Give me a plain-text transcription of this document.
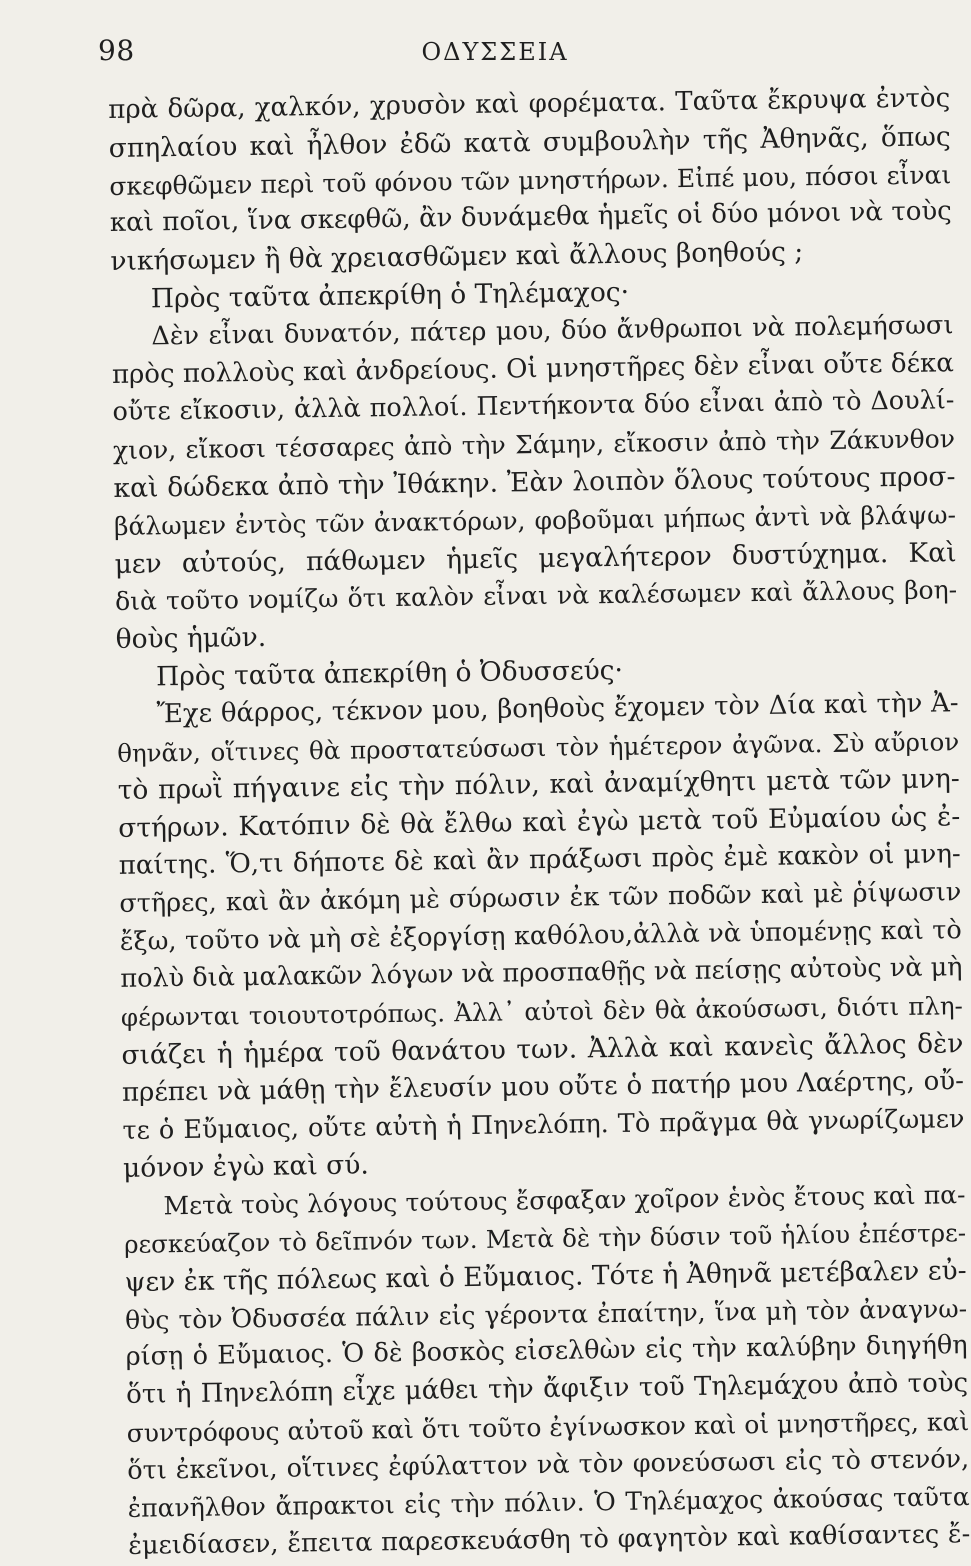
98	ΟΔΥΣΣΕΙΑ
πρὰ δῶρα, χαλκόν, χρυσὸν καὶ φορέματα. Ταῦτα ἔκρυψα ἐντὸς
σπηλαίου καὶ ἦλθον ἐδῶ κατὰ συμβουλὴν τῆς Ἀθηνᾶς, ὅπως
σκεφθῶμεν περὶ τοῦ φόνου τῶν μνηστήρων. Εἰπέ μου, πόσοι εἶναι
καὶ ποῖοι, ἵνα σκεφθῶ, ἂν δυνάμεθα ἡμεῖς οἱ δύο μόνοι νὰ τοὺς
νικήσωμεν ἢ θὰ χρειασθῶμεν καὶ ἄλλους βοηθούς ;
Πρὸς ταῦτα ἀπεκρίθη ὁ Τηλέμαχος·
Δὲν εἶναι δυνατόν, πάτερ μου, δύο ἄνθρωποι νὰ πολεμήσωσι
πρὸς πολλοὺς καὶ ἀνδρείους. Οἱ μνηστῆρες δὲν εἶναι οὔτε δέκα
οὔτε εἴκοσιν, ἀλλὰ πολλοί. Πεντήκοντα δύο εἶναι ἀπὸ τὸ Δουλί-
χιον, εἴκοσι τέσσαρες ἀπὸ τὴν Σάμην, εἴκοσιν ἀπὸ τὴν Ζάκυνθον
καὶ δώδεκα ἀπὸ τὴν Ἰθάκην. Ἐὰν λοιπὸν ὅλους τούτους προσ-
βάλωμεν ἐντὸς τῶν ἀνακτόρων, φοβοῦμαι μήπως ἀντὶ νὰ βλάψω-
μεν αὐτούς, πάθωμεν ἡμεῖς μεγαλήτερον δυστύχημα. Καὶ
διὰ τοῦτο νομίζω ὅτι καλὸν εἶναι νὰ καλέσωμεν καὶ ἄλλους βοη-
θοὺς ἡμῶν.
Πρὸς ταῦτα ἀπεκρίθη ὁ Ὀδυσσεύς·
Ἔχε θάρρος, τέκνον μου, βοηθοὺς ἔχομεν τὸν Δία καὶ τὴν Ἀ-
θηνᾶν, οἵτινες θὰ προστατεύσωσι τὸν ἡμέτερον ἀγῶνα. Σὺ αὔριον
τὸ πρωῒ πήγαινε εἰς τὴν πόλιν, καὶ ἀναμίχθητι μετὰ τῶν μνη-
στήρων. Κατόπιν δὲ θὰ ἔλθω καὶ ἐγὼ μετὰ τοῦ Εὐμαίου ὡς ἐ-
παίτης. Ὅ,τι δήποτε δὲ καὶ ἂν πράξωσι πρὸς ἐμὲ κακὸν οἱ μνη-
στῆρες, καὶ ἂν ἀκόμη μὲ σύρωσιν ἐκ τῶν ποδῶν καὶ μὲ ῥίψωσιν
ἔξω, τοῦτο νὰ μὴ σὲ ἐξοργίσῃ καθόλου,ἀλλὰ νὰ ὑπομένῃς καὶ τὸ
πολὺ διὰ μαλακῶν λόγων νὰ προσπαθῇς νὰ πείσῃς αὐτοὺς νὰ μὴ
φέρωνται τοιουτοτρόπως. Ἀλλ᾿ αὐτοὶ δὲν θὰ ἀκούσωσι, διότι πλη-
σιάζει ἡ ἡμέρα τοῦ θανάτου των. Ἀλλὰ καὶ κανεὶς ἄλλος δὲν
πρέπει νὰ μάθῃ τὴν ἔλευσίν μου οὔτε ὁ πατήρ μου Λαέρτης, οὔ-
τε ὁ Εὔμαιος, οὔτε αὐτὴ ἡ Πηνελόπη. Τὸ πρᾶγμα θὰ γνωρίζωμεν
μόνον ἐγὼ καὶ σύ.
Μετὰ τοὺς λόγους τούτους ἔσφαξαν χοῖρον ἑνὸς ἔτους καὶ πα-
ρεσκεύαζον τὸ δεῖπνόν των. Μετὰ δὲ τὴν δύσιν τοῦ ἡλίου ἐπέστρε-
ψεν ἐκ τῆς πόλεως καὶ ὁ Εὔμαιος. Τότε ἡ Ἀθηνᾶ μετέβαλεν εὐ-
θὺς τὸν Ὀδυσσέα πάλιν εἰς γέροντα ἐπαίτην, ἵνα μὴ τὸν ἀναγνω-
ρίσῃ ὁ Εὔμαιος. Ὁ δὲ βοσκὸς εἰσελθὼν εἰς τὴν καλύβην διηγήθη
ὅτι ἡ Πηνελόπη εἶχε μάθει τὴν ἄφιξιν τοῦ Τηλεμάχου ἀπὸ τοὺς
συντρόφους αὐτοῦ καὶ ὅτι τοῦτο ἐγίνωσκον καὶ οἱ μνηστῆρες, καὶ
ὅτι ἐκεῖνοι, οἵτινες ἐφύλαττον νὰ τὸν φονεύσωσι εἰς τὸ στενόν,
ἐπανῆλθον ἄπρακτοι εἰς τὴν πόλιν. Ὁ Τηλέμαχος ἀκούσας ταῦτα
ἐμειδίασεν, ἔπειτα παρεσκευάσθη τὸ φαγητὸν καὶ καθίσαντες ἔ-
